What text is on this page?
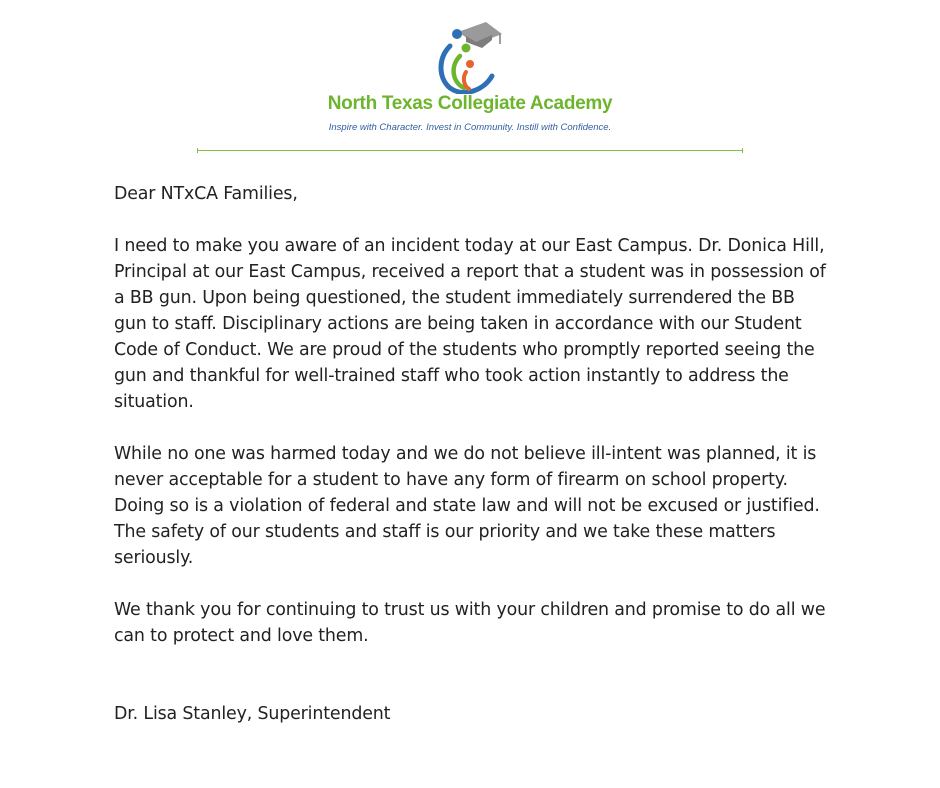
North Texas Collegiate Academy
Inspire with Character. Invest in Community. Instill with Confidence.

Dear NTxCA Families,

I need to make you aware of an incident today at our East Campus. Dr. Donica Hill, Principal at our East Campus, received a report that a student was in possession of a BB gun. Upon being questioned, the student immediately surrendered the BB gun to staff. Disciplinary actions are being taken in accordance with our Student Code of Conduct. We are proud of the students who promptly reported seeing the gun and thankful for well-trained staff who took action instantly to address the situation.

While no one was harmed today and we do not believe ill-intent was planned, it is never acceptable for a student to have any form of firearm on school property. Doing so is a violation of federal and state law and will not be excused or justified. The safety of our students and staff is our priority and we take these matters seriously.

We thank you for continuing to trust us with your children and promise to do all we can to protect and love them.

Dr. Lisa Stanley, Superintendent
